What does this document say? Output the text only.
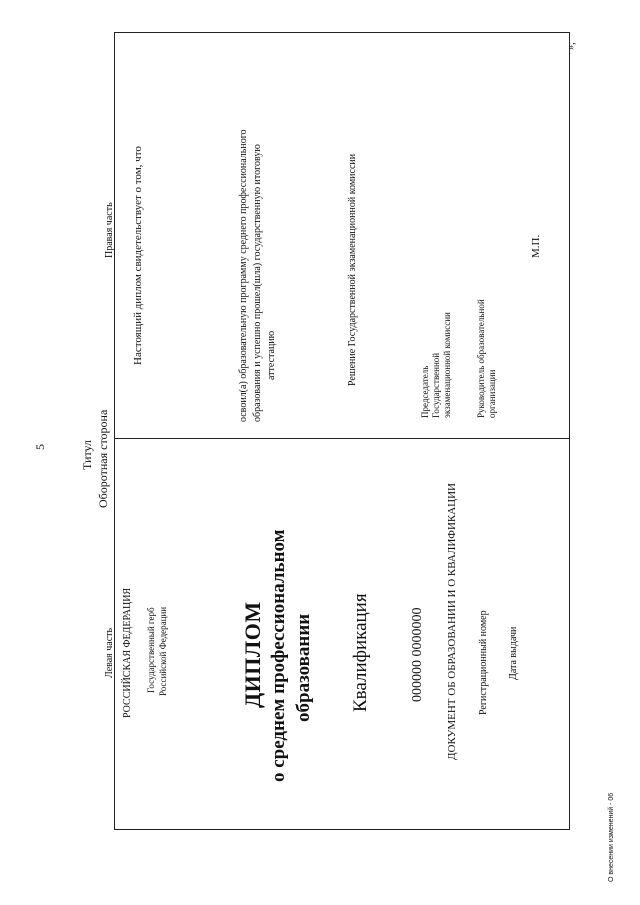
5	Титул Оборотная сторона
Левая часть
Правая часть
»;
О внесении изменений - 06
РОССИЙСКАЯ ФЕДЕРАЦИЯ Государственный герб Российской Федерации	ДИПЛОМ о среднем профессиональном образовании Квалификация	000000 0000000 ДОКУМЕНТ ОБ ОБРАЗОВАНИИ И О КВАЛИФИКАЦИИ Регистрационный номер Дата выдачи
Настоящий диплом свидетельствует о том, что	освоил(а) образовательную программу среднего профессионального образования и успешно прошел(шла) государственную итоговую аттестацию	Решение Государственной экзаменационной комиссии
Председатель Государственной экзаменационной комиссии	Руководитель образовательной организации
М.П.
